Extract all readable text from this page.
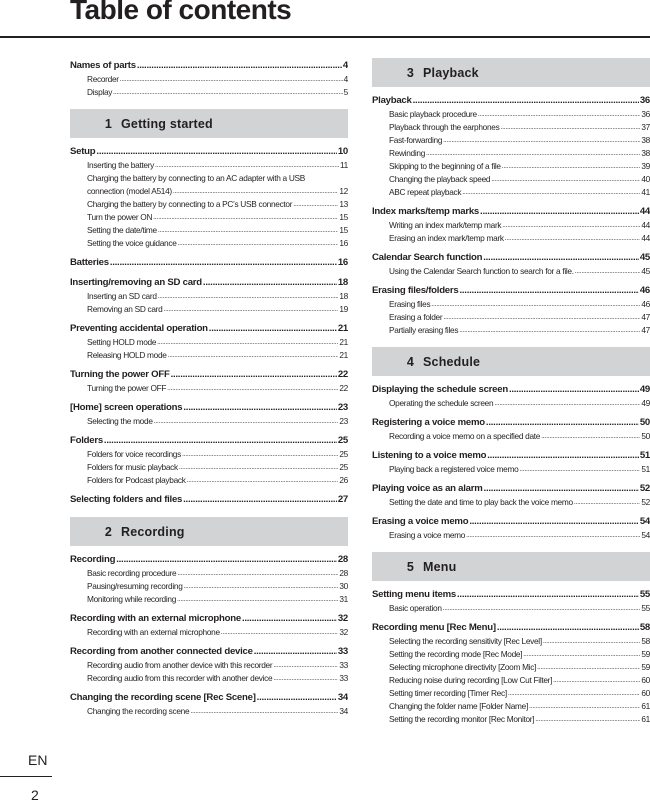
Table of contents
Names of parts .....	4
Recorder .....	4
Display .....	5
1 Getting started
Setup .....	10
Inserting the battery .....	11
Charging the battery by connecting to an AC adapter with a USB
connection (model A514) .....	12
Charging the battery by connecting to a PC’s USB connector .....	13
Turn the power ON .....	15
Setting the date/time .....	15
Setting the voice guidance .....	16
Batteries .....	16
Inserting/removing an SD card .....	18
Inserting an SD card .....	18
Removing an SD card .....	19
Preventing accidental operation .....	21
Setting HOLD mode .....	21
Releasing HOLD mode .....	21
Turning the power OFF .....	22
Turning the power OFF .....	22
[Home] screen operations .....	23
Selecting the mode .....	23
Folders .....	25
Folders for voice recordings .....	25
Folders for music playback .....	25
Folders for Podcast playback .....	26
Selecting folders and files .....	27
2 Recording
Recording .....	28
Basic recording procedure .....	28
Pausing/resuming recording .....	30
Monitoring while recording .....	31
Recording with an external microphone .....	32
Recording with an external microphone .....	32
Recording from another connected device .....	33
Recording audio from another device with this recorder .....	33
Recording audio from this recorder with another device .....	33
Changing the recording scene [Rec Scene] .....	34
Changing the recording scene .....	34
3 Playback
Playback .....	36
Basic playback procedure .....	36
Playback through the earphones .....	37
Fast-forwarding .....	38
Rewinding .....	38
Skipping to the beginning of a file .....	39
Changing the playback speed .....	40
ABC repeat playback .....	41
Index marks/temp marks .....	44
Writing an index mark/temp mark .....	44
Erasing an index mark/temp mark .....	44
Calendar Search function .....	45
Using the Calendar Search function to search for a file. .....	45
Erasing files/folders .....	46
Erasing files .....	46
Erasing a folder .....	47
Partially erasing files .....	47
4 Schedule
Displaying the schedule screen .....	49
Operating the schedule screen .....	49
Registering a voice memo .....	50
Recording a voice memo on a specified date .....	50
Listening to a voice memo .....	51
Playing back a registered voice memo .....	51
Playing voice as an alarm .....	52
Setting the date and time to play back the voice memo .....	52
Erasing a voice memo .....	54
Erasing a voice memo .....	54
5 Menu
Setting menu items .....	55
Basic operation .....	55
Recording menu [Rec Menu] .....	58
Selecting the recording sensitivity [Rec Level] .....	58
Setting the recording mode [Rec Mode] .....	59
Selecting microphone directivity [Zoom Mic] .....	59
Reducing noise during recording [Low Cut Filter] .....	60
Setting timer recording [Timer Rec] .....	60
Changing the folder name [Folder Name] .....	61
Setting the recording monitor [Rec Monitor] .....	61
EN
2
